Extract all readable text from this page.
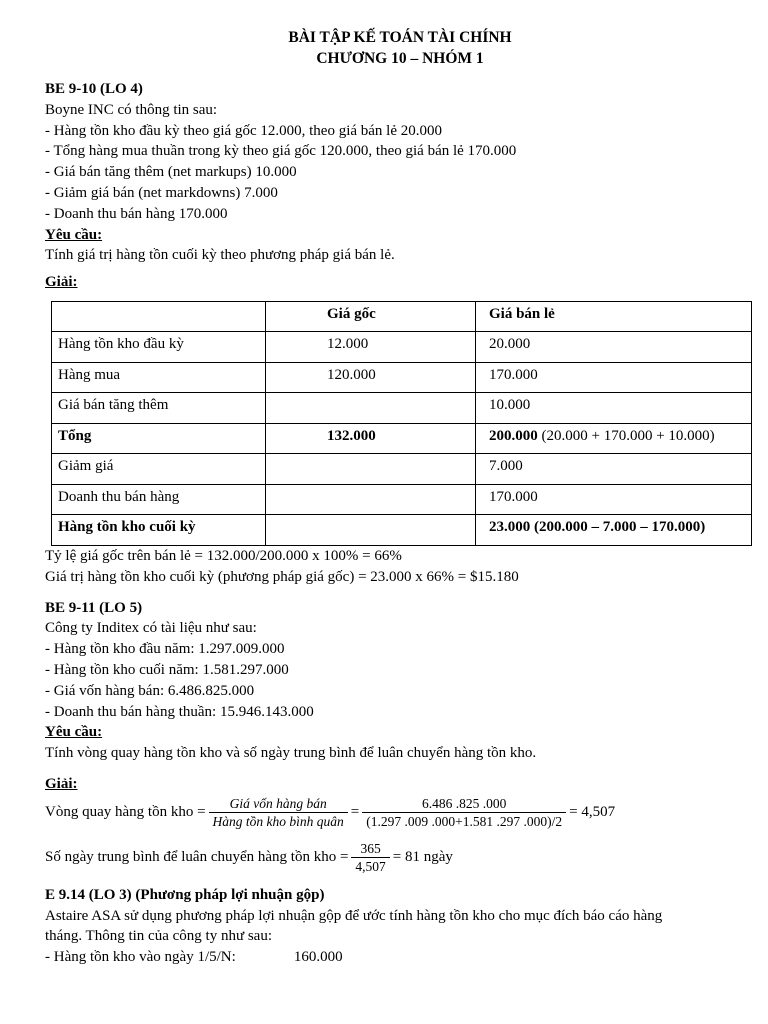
BÀI TẬP KẾ TOÁN TÀI CHÍNH
CHƯƠNG 10 – NHÓM 1
BE 9-10 (LO 4)
Boyne INC có thông tin sau:
- Hàng tồn kho đầu kỳ theo giá gốc 12.000, theo giá bán lẻ 20.000
- Tổng hàng mua thuần trong kỳ theo giá gốc 120.000, theo giá bán lẻ 170.000
- Giá bán tăng thêm (net markups) 10.000
- Giảm giá bán (net markdowns) 7.000
- Doanh thu bán hàng 170.000
Yêu cầu:
Tính giá trị hàng tồn cuối kỳ theo phương pháp giá bán lẻ.
Giải:
	Giá gốc	Giá bán lẻ
Hàng tồn kho đầu kỳ	12.000	20.000
Hàng mua	120.000	170.000
Giá bán tăng thêm		10.000
Tổng	132.000	200.000 (20.000 + 170.000 + 10.000)
Giảm giá		7.000
Doanh thu bán hàng		170.000
Hàng tồn kho cuối kỳ		23.000 (200.000 – 7.000 – 170.000)
Tỷ lệ giá gốc trên bán lẻ = 132.000/200.000 x 100% = 66%
Giá trị hàng tồn kho cuối kỳ (phương pháp giá gốc) = 23.000 x 66% = $15.180
BE 9-11 (LO 5)
Công ty Inditex có tài liệu như sau:
- Hàng tồn kho đầu năm: 1.297.009.000
- Hàng tồn kho cuối năm: 1.581.297.000
- Giá vốn hàng bán: 6.486.825.000
- Doanh thu bán hàng thuần: 15.946.143.000
Yêu cầu:
Tính vòng quay hàng tồn kho và số ngày trung bình để luân chuyển hàng tồn kho.
Giải:
Vòng quay hàng tồn kho = $\frac{\text{Giá vốn hàng bán}}{\text{Hàng tồn kho bình quân}} = \frac{6.486 .825 .000}{(1.297 .009 .000+1.581 .297 .000)/2} = 4,507$
Số ngày trung bình để luân chuyển hàng tồn kho = $\frac{365}{4,507} = 81$ ngày
E 9.14 (LO 3) (Phương pháp lợi nhuận gộp)
Astaire ASA sử dụng phương pháp lợi nhuận gộp để ước tính hàng tồn kho cho mục đích báo cáo hàng
tháng. Thông tin của công ty như sau:
- Hàng tồn kho vào ngày 1/5/N:	160.000
